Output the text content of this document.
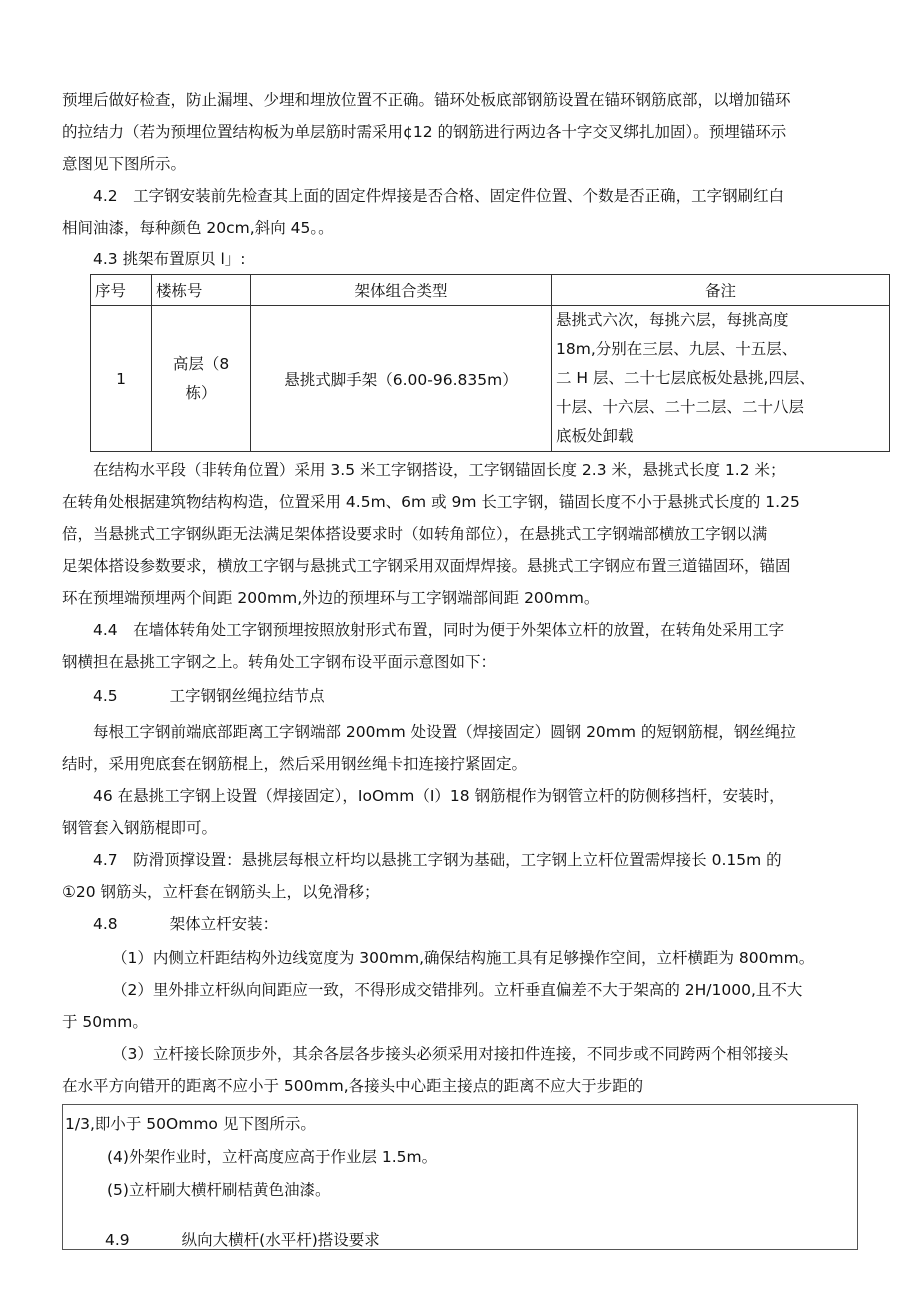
预埋后做好检查，防止漏埋、少埋和埋放位置不正确。锚环处板底部钢筋设置在锚环钢筋底部，以增加锚环
的拉结力（若为预埋位置结构板为单层筋时需采用¢12 的钢筋进行两边各十字交叉绑扎加固）。预埋锚环示
意图见下图所示。

4.2　工字钢安装前先检查其上面的固定件焊接是否合格、固定件位置、个数是否正确，工字钢刷红白
相间油漆，每种颜色 20cm,斜向 45。。

4.3 挑架布置原贝 l」:

序号	楼栋号	架体组合类型	备注
1	高层（8
栋）	悬挑式脚手架（6.00-96.835m）	悬挑式六次，每挑六层，每挑高度
18m,分别在三层、九层、十五层、
二 H 层、二十七层底板处悬挑,四层、
十层、十六层、二十二层、二十八层
底板处卸载

在结构水平段（非转角位置）采用 3.5 米工字钢搭设，工字钢锚固长度 2.3 米，悬挑式长度 1.2 米；
在转角处根据建筑物结构构造，位置采用 4.5m、6m 或 9m 长工字钢，锚固长度不小于悬挑式长度的 1.25
倍，当悬挑式工字钢纵距无法满足架体搭设要求时（如转角部位），在悬挑式工字钢端部横放工字钢以满
足架体搭设参数要求，横放工字钢与悬挑式工字钢采用双面焊焊接。悬挑式工字钢应布置三道锚固环，锚固
环在预埋端预埋两个间距 200mm,外边的预埋环与工字钢端部间距 200mm。

4.4　在墙体转角处工字钢预埋按照放射形式布置，同时为便于外架体立杆的放置，在转角处采用工字
钢横担在悬挑工字钢之上。转角处工字钢布设平面示意图如下：

4.5	工字钢钢丝绳拉结节点

每根工字钢前端底部距离工字钢端部 200mm 处设置（焊接固定）圆钢 20mm 的短钢筋棍，钢丝绳拉
结时，采用兜底套在钢筋棍上，然后采用钢丝绳卡扣连接拧紧固定。

46 在悬挑工字钢上设置（焊接固定），IoOmm（I）18 钢筋棍作为钢管立杆的防侧移挡杆，安装时，
钢管套入钢筋棍即可。

4.7　防滑顶撑设置：悬挑层每根立杆均以悬挑工字钢为基础，工字钢上立杆位置需焊接长 0.15m 的
①20 钢筋头，立杆套在钢筋头上，以免滑移；

4.8	架体立杆安装：

（1）内侧立杆距结构外边线宽度为 300mm,确保结构施工具有足够操作空间，立杆横距为 800mm。

（2）里外排立杆纵向间距应一致，不得形成交错排列。立杆垂直偏差不大于架高的 2H/1000,且不大
于 50mm。

（3）立杆接长除顶步外，其余各层各步接头必须采用对接扣件连接，不同步或不同跨两个相邻接头
在水平方向错开的距离不应小于 500mm,各接头中心距主接点的距离不应大于步距的

1/3,即小于 50Ommo 见下图所示。

(4)外架作业时，立杆高度应高于作业层 1.5m。

(5)立杆刷大横杆刷桔黄色油漆。

4.9	纵向大横杆(水平杆)搭设要求
